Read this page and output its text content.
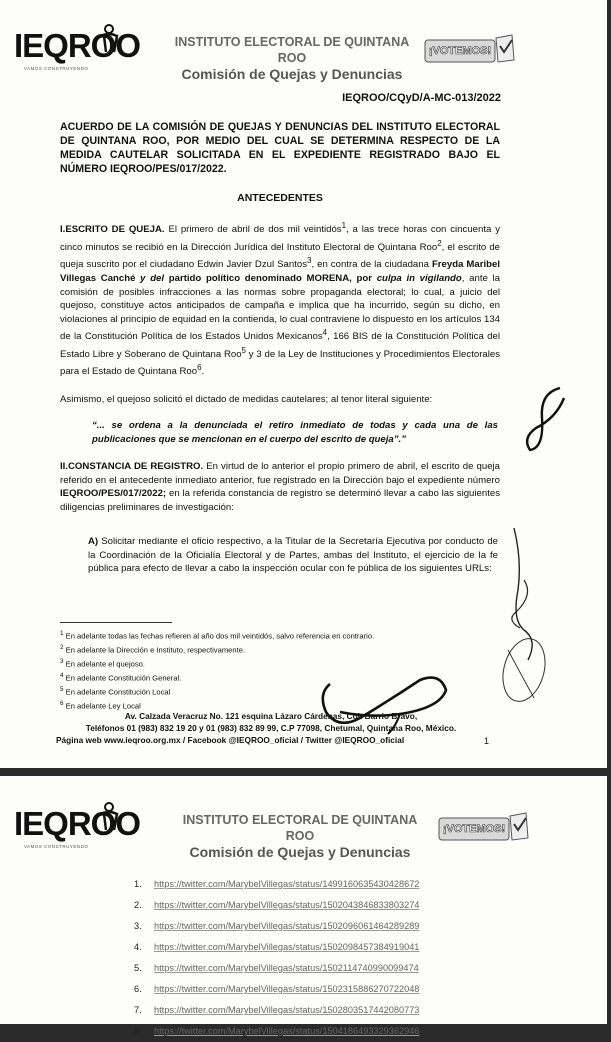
IEQROO
VAMOS CONSTRUYENDO
INSTITUTO ELECTORAL DE QUINTANA ROO
Comisión de Quejas y Denuncias
¡VOTEMOS!
IEQROO/CQyD/A-MC-013/2022
ACUERDO DE LA COMISIÓN DE QUEJAS Y DENUNCIAS DEL INSTITUTO ELECTORAL DE QUINTANA ROO, POR MEDIO DEL CUAL SE DETERMINA RESPECTO DE LA MEDIDA CAUTELAR SOLICITADA EN EL EXPEDIENTE REGISTRADO BAJO EL NÚMERO IEQROO/PES/017/2022.
ANTECEDENTES
I.ESCRITO DE QUEJA. El primero de abril de dos mil veintidós$^1$, a las trece horas con cincuenta y cinco minutos se recibió en la Dirección Jurídica del Instituto Electoral de Quintana Roo$^2$, el escrito de queja suscrito por el ciudadano Edwin Javier Dzul Santos$^3$, en contra de la ciudadana Freyda Maribel Villegas Canché y del partido político denominado MORENA, por culpa in vigilando, ante la comisión de posibles infracciones a las normas sobre propaganda electoral; lo cual, a juicio del quejoso, constituye actos anticipados de campaña e implica que ha incurrido, según su dicho, en violaciones al principio de equidad en la contienda, lo cual contraviene lo dispuesto en los artículos 134 de la Constitución Política de los Estados Unidos Mexicanos$^4$, 166 BIS de la Constitución Política del Estado Libre y Soberano de Quintana Roo$^5$ y 3 de la Ley de Instituciones y Procedimientos Electorales para el Estado de Quintana Roo$^6$.
Asimismo, el quejoso solicitó el dictado de medidas cautelares; al tenor literal siguiente:
“... se ordena a la denunciada el retiro inmediato de todas y cada una de las publicaciones que se mencionan en el cuerpo del escrito de queja”.”
II.CONSTANCIA DE REGISTRO. En virtud de lo anterior el propio primero de abril, el escrito de queja referido en el antecedente inmediato anterior, fue registrado en la Dirección bajo el expediente número IEQROO/PES/017/2022; en la referida constancia de registro se determinó llevar a cabo las siguientes diligencias preliminares de investigación:
A) Solicitar mediante el oficio respectivo, a la Titular de la Secretaría Ejecutiva por conducto de la Coordinación de la Oficialía Electoral y de Partes, ambas del Instituto, el ejercicio de la fe pública para efecto de llevar a cabo la inspección ocular con fe pública de los siguientes URLs:
$^1$ En adelante todas las fechas refieren al año dos mil veintidós, salvo referencia en contrario.
$^2$ En adelante la Dirección e Instituto, respectivamente.
$^3$ En adelante el quejoso.
$^4$ En adelante Constitución General.
$^5$ En adelante Constitución Local
$^6$ En adelante Ley Local
Av. Calzada Veracruz No. 121 esquina Lázaro Cárdenas, Col. Barrio Bravo,
Teléfonos 01 (983) 832 19 20 y 01 (983) 832 89 99, C.P 77098, Chetumal, Quintana Roo, México.
Página web www.ieqroo.org.mx / Facebook @IEQROO_oficial / Twitter @IEQROO_oficial	1
IEQROO
VAMOS CONSTRUYENDO
INSTITUTO ELECTORAL DE QUINTANA ROO
Comisión de Quejas y Denuncias
¡VOTEMOS!
1. https://twitter.com/MarybelVillegas/status/1499160635430428672
2. https://twitter.com/MarybelVillegas/status/1502043846833803274
3. https://twitter.com/MarybelVillegas/status/1502096061464289289
4. https://twitter.com/MarybelVillegas/status/1502098457384919041
5. https://twitter.com/MarybelVillegas/status/1502114740990099474
6. https://twitter.com/MarybelVillegas/status/1502315886270722048
7. https://twitter.com/MarybelVillegas/status/1502803517442080773
8. https://twitter.com/MarybelVillegas/status/1504186493329362946
